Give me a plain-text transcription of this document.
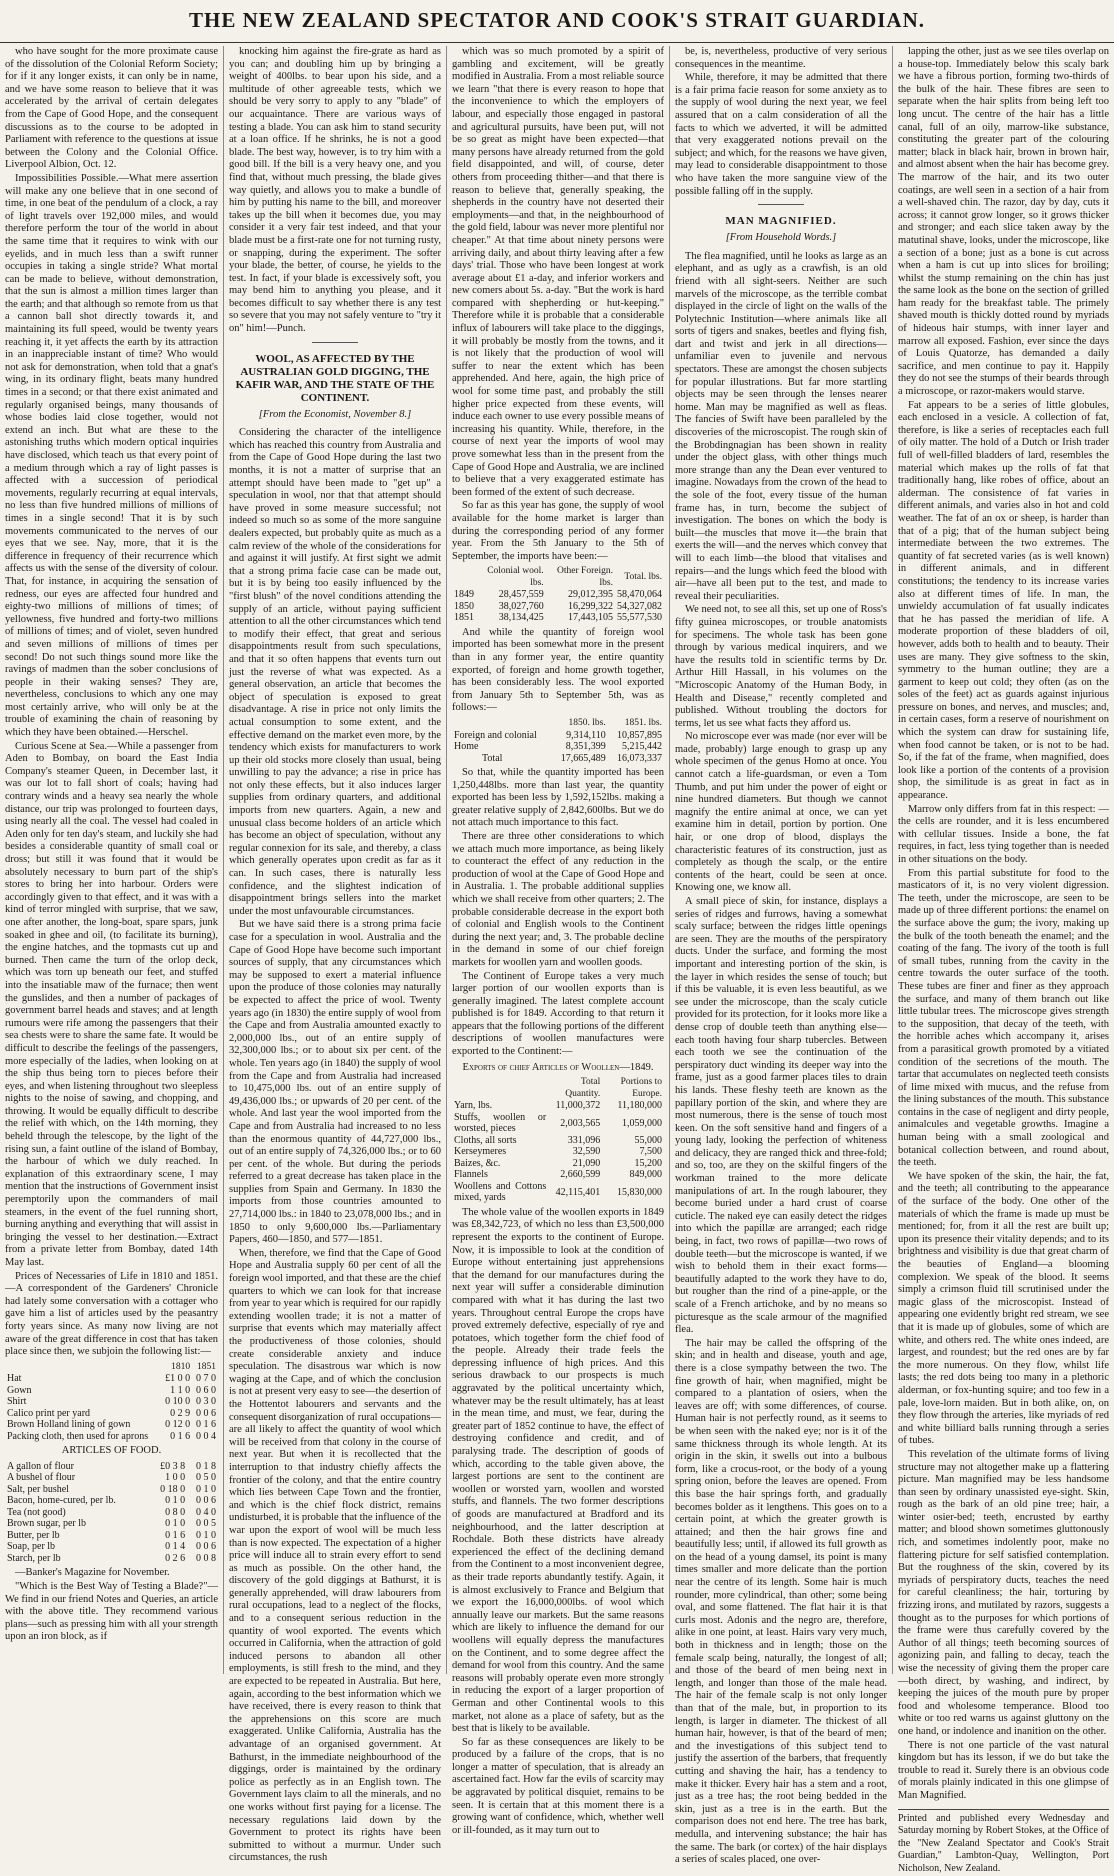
THE NEW ZEALAND SPECTATOR AND COOK'S STRAIT GUARDIAN.

who have sought for the more proximate cause of the dissolution of the Colonial Reform Society; for if it any longer exists, it can only be in name, and we have some reason to believe that it was accelerated by the arrival of certain delegates from the Cape of Good Hope, and the consequent discussions as to the course to be adopted in Parliament with reference to the questions at issue between the Colony and the Colonial Office. Liverpool Albion, Oct. 12.

Impossibilities Possible.—What mere assertion will make any one believe that in one second of time, in one beat of the pendulum of a clock, a ray of light travels over 192,000 miles, and would therefore perform the tour of the world in about the same time that it requires to wink with our eyelids, and in much less than a swift runner occupies in taking a single stride? What mortal can be made to believe, without demonstration, that the sun is almost a million times larger than the earth; and that although so remote from us that a cannon ball shot directly towards it, and maintaining its full speed, would be twenty years reaching it, it yet affects the earth by its attraction in an inappreciable instant of time? Who would not ask for demonstration, when told that a gnat's wing, in its ordinary flight, beats many hundred times in a second; or that there exist animated and regularly organised beings, many thousands of whose bodies laid close together, would not extend an inch. But what are these to the astonishing truths which modern optical inquiries have disclosed, which teach us that every point of a medium through which a ray of light passes is affected with a succession of periodical movements, regularly recurring at equal intervals, no less than five hundred millions of millions of times in a single second! That it is by such movements communicated to the nerves of our eyes that we see. Nay, more, that it is the difference in frequency of their recurrence which affects us with the sense of the diversity of colour. That, for instance, in acquiring the sensation of redness, our eyes are affected four hundred and eighty-two millions of millions of times; of yellowness, five hundred and forty-two millions of millions of times; and of violet, seven hundred and seven millions of millions of times per second! Do not such things sound more like the ravings of madmen than the sober conclusions of people in their waking senses? They are, nevertheless, conclusions to which any one may most certainly arrive, who will only be at the trouble of examining the chain of reasoning by which they have been obtained.—Herschel.

Curious Scene at Sea.—While a passenger from Aden to Bombay, on board the East India Company's steamer Queen, in December last, it was our lot to fall short of coals; having had contrary winds and a heavy sea nearly the whole distance, our trip was prolonged to fourteen days, using nearly all the coal. The vessel had coaled in Aden only for ten day's steam, and luckily she had besides a considerable quantity of small coal or dross; but still it was found that it would be absolutely necessary to burn part of the ship's stores to bring her into harbour. Orders were accordingly given to that effect, and it was with a kind of terror mingled with surprise, that we saw, one after another, the long-boat, spare spars, junk soaked in ghee and oil, (to facilitate its burning), the engine hatches, and the topmasts cut up and burned. Then came the turn of the orlop deck, which was torn up beneath our feet, and stuffed into the insatiable maw of the furnace; then went the gunslides, and then a number of packages of government barrel heads and staves; and at length rumours were rife among the passengers that their sea chests were to share the same fate. It would be difficult to describe the feelings of the passengers, more especially of the ladies, when looking on at the ship thus being torn to pieces before their eyes, and when listening throughout two sleepless nights to the noise of sawing, and chopping, and throwing. It would be equally difficult to describe the relief with which, on the 14th morning, they beheld through the telescope, by the light of the rising sun, a faint outline of the island of Bombay, the harbour of which we duly reached. In explanation of this extraordinary scene, I may mention that the instructions of Government insist peremptorily upon the commanders of mail steamers, in the event of the fuel running short, burning anything and everything that will assist in bringing the vessel to her destination.—Extract from a private letter from Bombay, dated 14th May last.

Prices of Necessaries of Life in 1810 and 1851.—A correspondent of the Gardeners' Chronicle had lately some conversation with a cottager who gave him a list of articles used by the peasantry forty years since. As many now living are not aware of the great difference in cost that has taken place since then, we subjoin the following list:—

	1810	1851
Hat	£1 0 0	0 7 0
Gown	1 1 0	0 6 0
Shirt	0 10 0	0 3 0
Calico print per yard	0 2 9	0 0 6
Brown Holland lining of gown	0 12 0	0 1 6
Packing cloth, then used for aprons	0 1 6	0 0 4

ARTICLES OF FOOD.

A gallon of flour	£0 3 8	0 1 8
A bushel of flour	1 0 0	0 5 0
Salt, per bushel	0 18 0	0 1 0
Bacon, home-cured, per lb.	0 1 0	0 0 6
Tea (not good)	0 8 0	0 4 0
Brown sugar, per lb	0 1 0	0 0 5
Butter, per lb	0 1 6	0 1 0
Soap, per lb	0 1 4	0 0 6
Starch, per lb	0 2 6	0 0 8

—Banker's Magazine for November.

"Which is the Best Way of Testing a Blade?"—We find in our friend Notes and Queries, an article with the above title. They recommend various plans—such as pressing him with all your strength upon an iron block, as if

knocking him against the fire-grate as hard as you can; and doubling him up by bringing a weight of 400lbs. to bear upon his side, and a multitude of other agreeable tests, which we should be very sorry to apply to any "blade" of our acquaintance. There are various ways of testing a blade. You can ask him to stand security at a loan office. If he shrinks, he is not a good blade. The best way, however, is to try him with a good bill. If the bill is a very heavy one, and you find that, without much pressing, the blade gives way quietly, and allows you to make a bundle of him by putting his name to the bill, and moreover takes up the bill when it becomes due, you may consider it a very fair test indeed, and that your blade must be a first-rate one for not turning rusty, or snapping, during the experiment. The softer your blade, the better, of course, he yields to the test. In fact, if your blade is excessively soft, you may bend him to anything you please, and it becomes difficult to say whether there is any test so severe that you may not safely venture to "try it on" him!—Punch.

WOOL, AS AFFECTED BY THE AUSTRALIAN GOLD DIGGING, THE KAFIR WAR, AND THE STATE OF THE CONTINENT.

[From the Economist, November 8.]

Considering the character of the intelligence which has reached this country from Australia and from the Cape of Good Hope during the last two months, it is not a matter of surprise that an attempt should have been made to "get up" a speculation in wool, nor that that attempt should have proved in some measure successful; not indeed so much so as some of the more sanguine dealers expected, but probably quite as much as a calm review of the whole of the considerations for and against it will justify. At first sight we admit that a strong prima facie case can be made out, but it is by being too easily influenced by the "first blush" of the novel conditions attending the supply of an article, without paying sufficient attention to all the other circumstances which tend to modify their effect, that great and serious disappointments result from such speculations, and that it so often happens that events turn out just the reverse of what was expected. As a general observation, an article that becomes the object of speculation is exposed to great disadvantage. A rise in price not only limits the actual consumption to some extent, and the effective demand on the market even more, by the tendency which exists for manufacturers to work up their old stocks more closely than usual, being unwilling to pay the advance; a rise in price has not only these effects, but it also induces larger supplies from ordinary quarters, and additional imports from new quarters. Again, a new and unusual class become holders of an article which has become an object of speculation, without any regular connexion for its sale, and thereby, a class which generally operates upon credit as far as it can. In such cases, there is naturally less confidence, and the slightest indication of disappointment brings sellers into the market under the most unfavourable circumstances.

But we have said there is a strong prima facie case for a speculation in wool. Australia and the Cape of Good Hope have become such important sources of supply, that any circumstances which may be supposed to exert a material influence upon the produce of those colonies may naturally be expected to affect the price of wool. Twenty years ago (in 1830) the entire supply of wool from the Cape and from Australia amounted exactly to 2,000,000 lbs., out of an entire supply of 32,300,000 lbs.; or to about six per cent. of the whole. Ten years ago (in 1840) the supply of wool from the Cape and from Australia had increased to 10,475,000 lbs. out of an entire supply of 49,436,000 lbs.; or upwards of 20 per cent. of the whole. And last year the wool imported from the Cape and from Australia had increased to no less than the enormous quantity of 44,727,000 lbs., out of an entire supply of 74,326,000 lbs.; or to 60 per cent. of the whole. But during the periods referred to a great decrease has taken place in the supplies from Spain and Germany. In 1830 the imports from those countries amounted to 27,714,000 lbs.: in 1840 to 23,078,000 lbs.; and in 1850 to only 9,600,000 lbs.—Parliamentary Papers, 460—1850, and 577—1851.

When, therefore, we find that the Cape of Good Hope and Australia supply 60 per cent of all the foreign wool imported, and that these are the chief quarters to which we can look for that increase from year to year which is required for our rapidly extending woollen trade; it is not a matter of surprise that events which may materially affect the productiveness of those colonies, should create considerable anxiety and induce speculation. The disastrous war which is now waging at the Cape, and of which the conclusion is not at present very easy to see—the desertion of the Hottentot labourers and servants and the consequent disorganization of rural occupations—are all likely to affect the quantity of wool which will be received from that colony in the course of next year. But when it is recollected that the interruption to that industry chiefly affects the frontier of the colony, and that the entire country which lies between Cape Town and the frontier, and which is the chief flock district, remains undisturbed, it is probable that the influence of the war upon the export of wool will be much less than is now expected. The expectation of a higher price will induce all to strain every effort to send as much as possible. On the other hand, the discovery of the gold diggings at Bathurst, it is generally apprehended, will draw labourers from rural occupations, lead to a neglect of the flocks, and to a consequent serious reduction in the quantity of wool exported. The events which occurred in California, when the attraction of gold induced persons to abandon all other employments, is still fresh to the mind, and they are expected to be repeated in Australia. But here, again, according to the best information which we have received, there is every reason to think that the apprehensions on this score are much exaggerated. Unlike California, Australia has the advantage of an organised government. At Bathurst, in the immediate neighbourhood of the diggings, order is maintained by the ordinary police as perfectly as in an English town. The Government lays claim to all the minerals, and no one works without first paying for a license. The necessary regulations laid down by the Government to protect its rights have been submitted to without a murmur. Under such circumstances, the rush

which was so much promoted by a spirit of gambling and excitement, will be greatly modified in Australia. From a most reliable source we learn "that there is every reason to hope that the inconvenience to which the employers of labour, and especially those engaged in pastoral and agricultural pursuits, have been put, will not be so great as might have been expected—that many persons have already returned from the gold field disappointed, and will, of course, deter others from proceeding thither—and that there is reason to believe that, generally speaking, the shepherds in the country have not deserted their employments—and that, in the neighbourhood of the gold field, labour was never more plentiful nor cheaper." At that time about ninety persons were arriving daily, and about thirty leaving after a few days' trial. Those who have been longest at work average about £1 a-day, and inferior workers and new comers about 5s. a-day. "But the work is hard compared with shepherding or hut-keeping." Therefore while it is probable that a considerable influx of labourers will take place to the diggings, it will probably be mostly from the towns, and it is not likely that the production of wool will suffer to near the extent which has been apprehended. And here, again, the high price of wool for some time past, and probably the still higher price expected from these events, will induce each owner to use every possible means of increasing his quantity. While, therefore, in the course of next year the imports of wool may prove somewhat less than in the present from the Cape of Good Hope and Australia, we are inclined to believe that a very exaggerated estimate has been formed of the extent of such decrease.

So far as this year has gone, the supply of wool available for the home market is larger than during the corresponding period of any former year. From the 5th January to the 5th of September, the imports have been:—

	Colonial wool. lbs.	Other Foreign. lbs.	Total. lbs.
1849	28,457,559	29,012,395	58,470,064
1850	38,027,760	16,299,322	54,327,082
1851	38,134,425	17,443,105	55,577,530

And while the quantity of foreign wool imported has been somewhat more in the present than in any former year, the entire quantity exported, of foreign and home growth together, has been considerably less. The wool exported from January 5th to September 5th, was as follows:—

	1850. lbs.	1851. lbs.
Foreign and colonial	9,314,110	10,857,895
Home	8,351,399	5,215,442
Total	17,665,489	16,073,337

So that, while the quantity imported has been 1,250,448lbs. more than last year, the quantity exported has been less by 1,592,152lbs. making a greater relative supply of 2,842,600lbs. But we do not attach much importance to this fact.

There are three other considerations to which we attach much more importance, as being likely to counteract the effect of any reduction in the production of wool at the Cape of Good Hope and in Australia. 1. The probable additional supplies which we shall receive from other quarters; 2. The probable considerable decrease in the export both of colonial and English wools to the Continent during the next year; and, 3. The probable decline in the demand in some of our chief foreign markets for woollen yarn and woollen goods.

The Continent of Europe takes a very much larger portion of our woollen exports than is generally imagined. The latest complete account published is for 1849. According to that return it appears that the following portions of the different descriptions of woollen manufactures were exported to the Continent:—

Exports of chief Articles of Woollen—1849.

	Total Quantity.	Portions to Europe.
Yarn, lbs.	11,000,372	11,180,000
Stuffs, woollen or worsted, pieces	2,003,565	1,059,000
Cloths, all sorts	331,096	55,000
Kerseymeres	32,590	7,500
Baizes, &c.	21,090	15,200
Flannels	2,660,599	849,000
Woollens and Cottons mixed, yards	42,115,401	15,830,000

The whole value of the woollen exports in 1849 was £8,342,723, of which no less than £3,500,000 represent the exports to the continent of Europe. Now, it is impossible to look at the condition of Europe without entertaining just apprehensions that the demand for our manufactures during the next year will suffer a considerable diminution compared with what it has during the last two years. Throughout central Europe the crops have proved extremely defective, especially of rye and potatoes, which together form the chief food of the people. Already their trade feels the depressing influence of high prices. And this serious drawback to our prospects is much aggravated by the political uncertainty which, whatever may be the result ultimately, has at least in the mean time, and must, we fear, during the greater part of 1852 continue to have, the effect of destroying confidence and credit, and of paralysing trade. The description of goods of which, according to the table given above, the largest portions are sent to the continent are woollen or worsted yarn, woollen and worsted stuffs, and flannels. The two former descriptions of goods are manufactured at Bradford and its neighbourhood, and the latter description at Rochdale. Both these districts have already experienced the effect of the declining demand from the Continent to a most inconvenient degree, as their trade reports abundantly testify. Again, it is almost exclusively to France and Belgium that we export the 16,000,000lbs. of wool which annually leave our markets. But the same reasons which are likely to influence the demand for our woollens will equally depress the manufactures on the Continent, and to some degree affect the demand for wool from this country. And the same reasons will probably operate even more strongly in reducing the export of a larger proportion of German and other Continental wools to this market, not alone as a place of safety, but as the best that is likely to be available.

So far as these consequences are likely to be produced by a failure of the crops, that is no longer a matter of speculation, that is already an ascertained fact. How far the evils of scarcity may be aggravated by political disquiet, remains to be seen. It is certain that at this moment there is a growing want of confidence, which, whether well or ill-founded, as it may turn out to

be, is, nevertheless, productive of very serious consequences in the meantime.

While, therefore, it may be admitted that there is a fair prima facie reason for some anxiety as to the supply of wool during the next year, we feel assured that on a calm consideration of all the facts to which we adverted, it will be admitted that very exaggerated notions prevail on the subject; and which, for the reasons we have given, may lead to considerable disappointment to those who have taken the more sanguine view of the possible falling off in the supply.

MAN MAGNIFIED.

[From Household Words.]

The flea magnified, until he looks as large as an elephant, and as ugly as a crawfish, is an old friend with all sight-seers. Neither are such marvels of the microscope, as the terrible combat displayed in the circle of light on the walls of the Polytechnic Institution—where animals like all sorts of tigers and snakes, beetles and flying fish, dart and twist and jerk in all directions—unfamiliar even to juvenile and nervous spectators. These are amongst the chosen subjects for popular illustrations. But far more startling objects may be seen through the lenses nearer home. Man may be magnified as well as fleas. The fancies of Swift have been paralleled by the discoveries of the microscopist. The rough skin of the Brobdingnagian has been shown in reality under the object glass, with other things much more strange than any the Dean ever ventured to imagine. Nowadays from the crown of the head to the sole of the foot, every tissue of the human frame has, in turn, become the subject of investigation. The bones on which the body is built—the muscles that move it—the brain that exerts the will—and the nerves which convey that will to each limb—the blood that vitalises and repairs—and the lungs which feed the blood with air—have all been put to the test, and made to reveal their peculiarities.

We need not, to see all this, set up one of Ross's fifty guinea microscopes, or trouble anatomists for specimens. The whole task has been gone through by various medical inquirers, and we have the results told in scientific terms by Dr. Arthur Hill Hassall, in his volumes on the "Microscopic Anatomy of the Human Body, in Health and Disease," recently completed and published. Without troubling the doctors for terms, let us see what facts they afford us.

No microscope ever was made (nor ever will be made, probably) large enough to grasp up any whole specimen of the genus Homo at once. You cannot catch a life-guardsman, or even a Tom Thumb, and put him under the power of eight or nine hundred diameters. But though we cannot magnify the entire animal at once, we can yet examine him in detail, portion by portion. One hair, or one drop of blood, displays the characteristic features of its construction, just as completely as though the scalp, or the entire contents of the heart, could be seen at once. Knowing one, we know all.

A small piece of skin, for instance, displays a series of ridges and furrows, having a somewhat scaly surface; between the ridges little openings are seen. They are the mouths of the perspiratory ducts. Under the surface, and forming the most important and interesting portion of the skin, is the layer in which resides the sense of touch; but if this be valuable, it is even less beautiful, as we see under the microscope, than the scaly cuticle provided for its protection, for it looks more like a dense crop of double teeth than anything else—each tooth having four sharp tubercles. Between each tooth we see the continuation of the perspiratory duct winding its deeper way into the frame, just as a good farmer places tiles to drain his lands. These fleshy teeth are known as the papillary portion of the skin, and where they are most numerous, there is the sense of touch most keen. On the soft sensitive hand and fingers of a young lady, looking the perfection of whiteness and delicacy, they are ranged thick and three-fold; and so, too, are they on the skilful fingers of the workman trained to the more delicate manipulations of art. In the rough labourer, they become buried under a hard crust of coarse cuticle. The naked eye can easily detect the ridges into which the papillæ are arranged; each ridge being, in fact, two rows of papillæ—two rows of double teeth—but the microscope is wanted, if we wish to behold them in their exact forms—beautifully adapted to the work they have to do, but rougher than the rind of a pine-apple, or the scale of a French artichoke, and by no means so picturesque as the scale armour of the magnified flea.

The hair may be called the offspring of the skin; and in health and disease, youth and age, there is a close sympathy between the two. The fine growth of hair, when magnified, might be compared to a plantation of osiers, when the leaves are off; with some differences, of course. Human hair is not perfectly round, as it seems to be when seen with the naked eye; nor is it of the same thickness through its whole length. At its origin in the skin, it swells out into a bulbous form, like a crocus-root, or the body of a young spring onion, before the leaves are opened. From this base the hair springs forth, and gradually becomes bolder as it lengthens. This goes on to a certain point, at which the greater growth is attained; and then the hair grows fine and beautifully less; until, if allowed its full growth as on the head of a young damsel, its point is many times smaller and more delicate than the portion near the centre of its length. Some hair is much rounder, more cylindrical, than other; some being oval, and some flattened. The flat hair it is that curls most. Adonis and the negro are, therefore, alike in one point, at least. Hairs vary very much, both in thickness and in length; those on the female scalp being, naturally, the longest of all; and those of the beard of men being next in length, and longer than those of the male head. The hair of the female scalp is not only longer than that of the male, but, in proportion to its length, is larger in diameter. The thickest of all human hair, however, is that of the beard of men; and the investigations of this subject tend to justify the assertion of the barbers, that frequently cutting and shaving the hair, has a tendency to make it thicker. Every hair has a stem and a root, just as a tree has; the root being bedded in the skin, just as a tree is in the earth. But the comparison does not end here. The tree has bark, medulla, and intervening substance; the hair has the same. The bark (or cortex) of the hair displays a series of scales placed, one over-

lapping the other, just as we see tiles overlap on a house-top. Immediately below this scaly bark we have a fibrous portion, forming two-thirds of the bulk of the hair. These fibres are seen to separate when the hair splits from being left too long uncut. The centre of the hair has a little canal, full of an oily, marrow-like substance, constituting the greater part of the colouring matter; black in black hair, brown in brown hair, and almost absent when the hair has become grey. The marrow of the hair, and its two outer coatings, are well seen in a section of a hair from a well-shaved chin. The razor, day by day, cuts it across; it cannot grow longer, so it grows thicker and stronger; and each slice taken away by the matutinal shave, looks, under the microscope, like a section of a bone; just as a bone is cut across when a ham is cut up into slices for broiling; whilst the stump remaining on the chin has just the same look as the bone on the section of grilled ham ready for the breakfast table. The primely shaved mouth is thickly dotted round by myriads of hideous hair stumps, with inner layer and marrow all exposed. Fashion, ever since the days of Louis Quatorze, has demanded a daily sacrifice, and men continue to pay it. Happily they do not see the stumps of their beards through a microscope, or razor-makers would starve.

Fat appears to be a series of little globules, each enclosed in a vesicle. A collection of fat, therefore, is like a series of receptacles each full of oily matter. The hold of a Dutch or Irish trader full of well-filled bladders of lard, resembles the material which makes up the rolls of fat that traditionally hang, like robes of office, about an alderman. The consistence of fat varies in different animals, and varies also in hot and cold weather. The fat of an ox or sheep, is harder than that of a pig; that of the human subject being intermediate between the two extremes. The quantity of fat secreted varies (as is well known) in different animals, and in different constitutions; the tendency to its increase varies also at different times of life. In man, the unwieldy accumulation of fat usually indicates that he has passed the meridian of life. A moderate proportion of these bladders of oil, however, adds both to health and to beauty. Their uses are many. They give softness to the skin, symmetry to the human outline; they are a garment to keep out cold; they often (as on the soles of the feet) act as guards against injurious pressure on bones, and nerves, and muscles; and, in certain cases, form a reserve of nourishment on which the system can draw for sustaining life, when food cannot be taken, or is not to be had. So, if the fat of the frame, when magnified, does look like a portion of the contents of a provision shop, the similitude is as great in fact as in appearance.

Marrow only differs from fat in this respect: —the cells are rounder, and it is less encumbered with cellular tissues. Inside a bone, the fat requires, in fact, less tying together than is needed in other situations on the body.

From this partial substitute for food to the masticators of it, is no very violent digression. The teeth, under the microscope, are seen to be made up of three different portions: the enamel on the surface above the gum; the ivory, making up the bulk of the tooth beneath the enamel; and the coating of the fang. The ivory of the tooth is full of small tubes, running from the cavity in the centre towards the outer surface of the tooth. These tubes are finer and finer as they approach the surface, and many of them branch out like little tubular trees. The microscope gives strength to the supposition, that decay of the teeth, with the horrible aches which accompany it, arises from a parasitical growth promoted by a vitiated condition of the secretions of the mouth. The tartar that accumulates on neglected teeth consists of lime mixed with mucus, and the refuse from the lining substances of the mouth. This substance contains in the case of negligent and dirty people, animalcules and vegetable growths. Imagine a human being with a small zoological and botanical collection between, and round about, the teeth.

We have spoken of the skin, the hair, the fat, and the teeth; all contributing to the appearance of the surface of the body. One other of the materials of which the frame is made up must be mentioned; for, from it all the rest are built up; upon its presence their vitality depends; and to its brightness and visibility is due that great charm of the beauties of England—a blooming complexion. We speak of the blood. It seems simply a crimson fluid till scrutinised under the magic glass of the microscopist. Instead of appearing one evidently bright red stream, we see that it is made up of globules, some of which are white, and others red. The white ones indeed, are largest, and roundest; but the red ones are by far the more numerous. On they flow, whilst life lasts; the red dots being too many in a plethoric alderman, or fox-hunting squire; and too few in a pale, love-lorn maiden. But in both alike, on, on they flow through the arteries, like myriads of red and white billiard balls running through a series of tubes.

This revelation of the ultimate forms of living structure may not altogether make up a flattering picture. Man magnified may be less handsome than seen by ordinary unassisted eye-sight. Skin, rough as the bark of an old pine tree; hair, a winter osier-bed; teeth, encrusted by earthy matter; and blood shown sometimes gluttonously rich, and sometimes indolently poor, make no flattering picture for self satisfied contemplation. But the roughness of the skin, covered by its myriads of perspiratory ducts, teaches the need for careful cleanliness; the hair, torturing by frizzing irons, and mutilated by razors, suggests a thought as to the purposes for which portions of the frame were thus carefully covered by the Author of all things; teeth becoming sources of agonizing pain, and falling to decay, teach the wise the necessity of giving them the proper care—both direct, by washing, and indirect, by keeping the juices of the mouth pure by proper food and wholesome temperance. Blood too white or too red warns us against gluttony on the one hand, or indolence and inanition on the other.

There is not one particle of the vast natural kingdom but has its lesson, if we do but take the trouble to read it. Surely there is an obvious code of morals plainly indicated in this one glimpse of Man Magnified.

Printed and published every Wednesday and Saturday morning by Robert Stokes, at the Office of the "New Zealand Spectator and Cook's Strait Guardian," Lambton-Quay, Wellington, Port Nicholson, New Zealand.
